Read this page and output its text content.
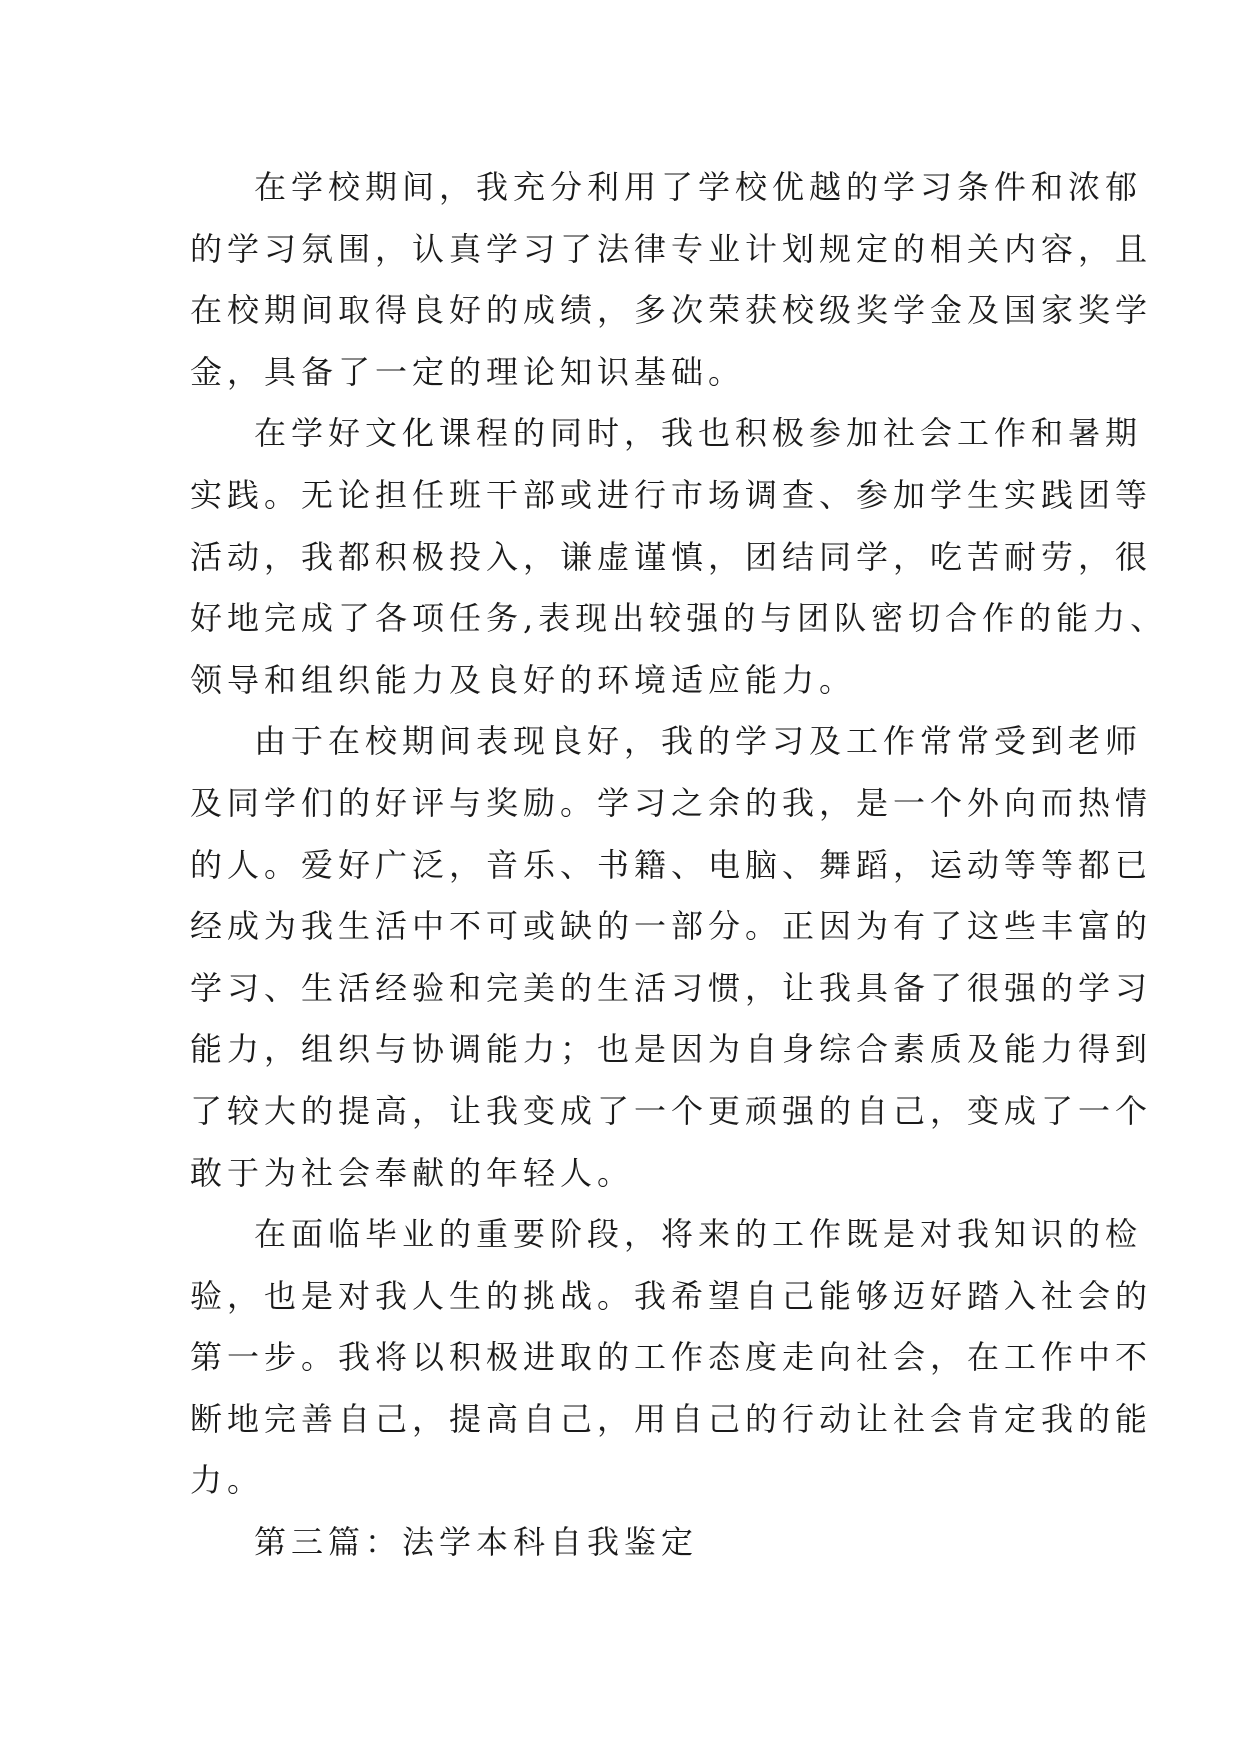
在学校期间，我充分利用了学校优越的学习条件和浓郁
的学习氛围，认真学习了法律专业计划规定的相关内容，且
在校期间取得良好的成绩，多次荣获校级奖学金及国家奖学
金，具备了一定的理论知识基础。

在学好文化课程的同时，我也积极参加社会工作和暑期
实践。无论担任班干部或进行市场调查、参加学生实践团等
活动，我都积极投入，谦虚谨慎，团结同学，吃苦耐劳，很
好地完成了各项任务,表现出较强的与团队密切合作的能力、
领导和组织能力及良好的环境适应能力。

由于在校期间表现良好，我的学习及工作常常受到老师
及同学们的好评与奖励。学习之余的我，是一个外向而热情
的人。爱好广泛，音乐、书籍、电脑、舞蹈，运动等等都已
经成为我生活中不可或缺的一部分。正因为有了这些丰富的
学习、生活经验和完美的生活习惯，让我具备了很强的学习
能力，组织与协调能力；也是因为自身综合素质及能力得到
了较大的提高，让我变成了一个更顽强的自己，变成了一个
敢于为社会奉献的年轻人。

在面临毕业的重要阶段，将来的工作既是对我知识的检
验，也是对我人生的挑战。我希望自己能够迈好踏入社会的
第一步。我将以积极进取的工作态度走向社会，在工作中不
断地完善自己，提高自己，用自己的行动让社会肯定我的能
力。

第三篇：法学本科自我鉴定
